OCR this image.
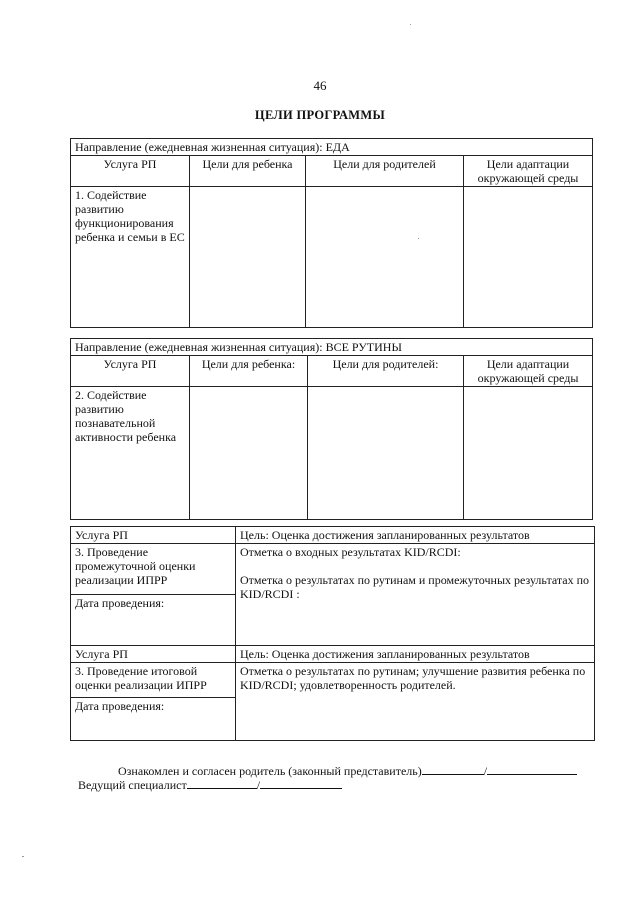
46
ЦЕЛИ ПРОГРАММЫ
Направление (ежедневная жизненная ситуация): ЕДА			
Услуга РП	Цели для ребенка	Цели для родителей	Цели адаптации окружающей среды
1. Содействие развитию функционирования ребенка и семьи в ЕС			
Направление (ежедневная жизненная ситуация): ВСЕ РУТИНЫ			
Услуга РП	Цели для ребенка:	Цели для родителей:	Цели адаптации окружающей среды
2. Содействие развитию познавательной активности ребенка			
Услуга РП	Цель: Оценка достижения запланированных результатов
3. Проведение промежуточной оценки реализации ИПРР	Отметка о входных результатах KID/RCDI:
Отметка о результатах по рутинам и промежуточных результатах по KID/RCDI :

Дата проведения:	
Услуга РП	Цель: Оценка достижения запланированных результатов
3. Проведение итоговой оценки реализации ИПРР	Отметка о результатах по рутинам; улучшение развития ребенка по KID/RCDI; удовлетворенность родителей.

Дата проведения:	
Ознакомлен и согласен родитель (законный представитель)	/
Ведущий специалист	/
